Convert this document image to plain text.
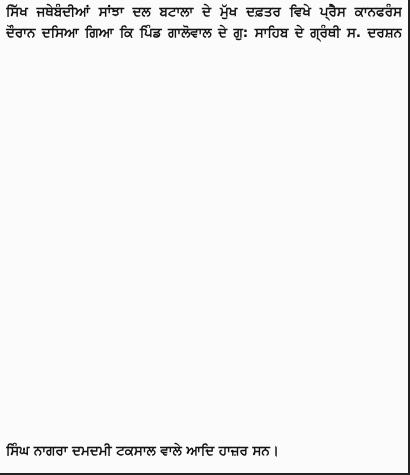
ਸਿੱਖ ਜਥੇਬੰਦੀਆਂ ਸਾਂਝਾ ਦਲ ਬਟਾਲਾ ਦੇ ਮੁੱਖ ਦਫ਼ਤਰ ਵਿਖੇ ਪ੍ਰੈਸ ਕਾਨਫਰੰਸ
ਦੌਰਾਨ ਦਸਿਆ ਗਿਆ ਕਿ ਪਿੰਡ ਗਾਲੋਵਾਲ ਦੇ ਗੁ: ਸਾਹਿਬ ਦੇ ਗ੍ਰੰਥੀ ਸ. ਦਰਸ਼ਨ
ਸਿੰਘ ਨਾਗਰਾ ਦਮਦਮੀ ਟਕਸਾਲ ਵਾਲੇ ਆਦਿ ਹਾਜ਼ਰ ਸਨ।
